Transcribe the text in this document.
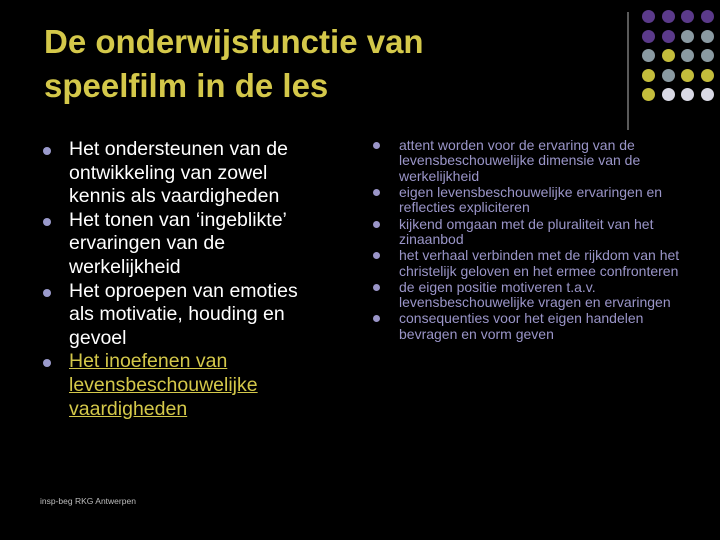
De onderwijsfunctie van
speelfilm in de les
Het ondersteunen van de ontwikkeling van zowel kennis als vaardigheden
Het tonen van ‘ingeblikte’ ervaringen van de werkelijkheid
Het oproepen van emoties als motivatie, houding en gevoel
Het inoefenen van levensbeschouwelijke vaardigheden
attent worden voor de ervaring van de levensbeschouwelijke dimensie van de werkelijkheid
eigen levensbeschouwelijke ervaringen en reflecties expliciteren
kijkend omgaan met de pluraliteit van het zinaanbod
het verhaal verbinden met de rijkdom van het christelijk geloven en het ermee confronteren
de eigen positie motiveren t.a.v. levensbeschouwelijke vragen en ervaringen
consequenties voor het eigen handelen bevragen en vorm geven
insp-beg RKG Antwerpen
